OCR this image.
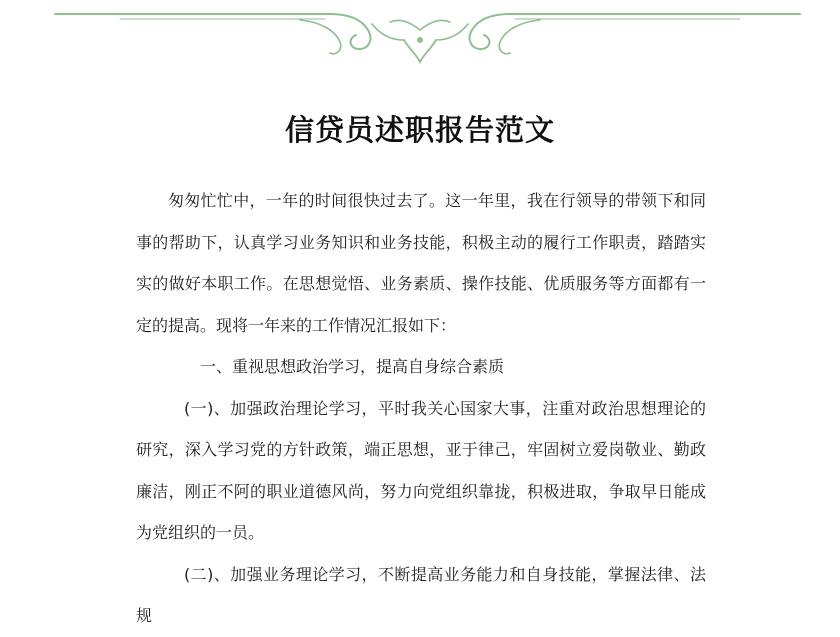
信贷员述职报告范文

匆匆忙忙中，一年的时间很快过去了。这一年里，我在行领导的带领下和同事的帮助下，认真学习业务知识和业务技能，积极主动的履行工作职责，踏踏实实的做好本职工作。在思想觉悟、业务素质、操作技能、优质服务等方面都有一定的提高。现将一年来的工作情况汇报如下：

一、重视思想政治学习，提高自身综合素质

(一)、加强政治理论学习，平时我关心国家大事，注重对政治思想理论的研究，深入学习党的方针政策，端正思想，亚于律己，牢固树立爱岗敬业、勤政廉洁，刚正不阿的职业道德风尚，努力向党组织靠拢，积极进取，争取早日能成为党组织的一员。

(二)、加强业务理论学习，不断提高业务能力和自身技能，掌握法律、法规
